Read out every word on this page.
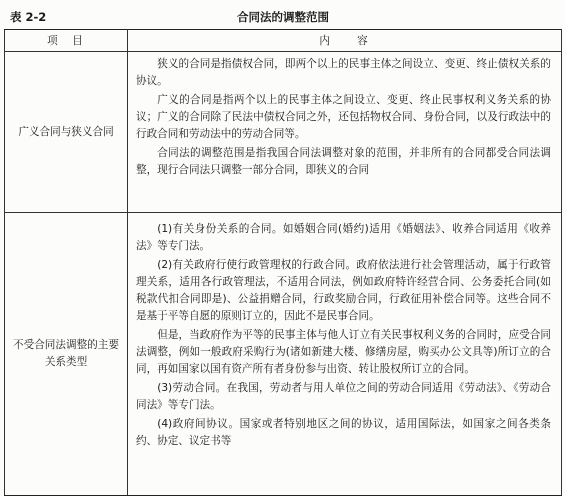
表 2-2	合同法的调整范围
项　目	内　　容
广义合同与狭义合同	狭义的合同是指债权合同，即两个以上的民事主体之间设立、变更、终止债权关系的协议。

广义的合同是指两个以上的民事主体之间设立、变更、终止民事权利义务关系的协议；广义的合同除了民法中债权合同之外，还包括物权合同、身份合同，以及行政法中的行政合同和劳动法中的劳动合同等。

合同法的调整范围是指我国合同法调整对象的范围，并非所有的合同都受合同法调整，现行合同法只调整一部分合同，即狭义的合同

不受合同法调整的主要关系类型	(1)有关身份关系的合同。如婚姻合同(婚约)适用《婚姻法》、收养合同适用《收养法》等专门法。

(2)有关政府行使行政管理权的行政合同。政府依法进行社会管理活动，属于行政管理关系，适用各行政管理法，不适用合同法，例如政府特许经营合同、公务委托合同(如税款代扣合同即是)、公益捐赠合同，行政奖励合同，行政征用补偿合同等。这些合同不是基于平等自愿的原则订立的，因此不是民事合同。

但是，当政府作为平等的民事主体与他人订立有关民事权利义务的合同时，应受合同法调整，例如一般政府采购行为(诸如新建大楼、修缮房屋，购买办公文具等)所订立的合同，再如国家以国有资产所有者身份参与出资、转让股权所订立的合同。

(3)劳动合同。在我国，劳动者与用人单位之间的劳动合同适用《劳动法》、《劳动合同法》等专门法。

(4)政府间协议。国家或者特别地区之间的协议，适用国际法，如国家之间各类条约、协定、议定书等
